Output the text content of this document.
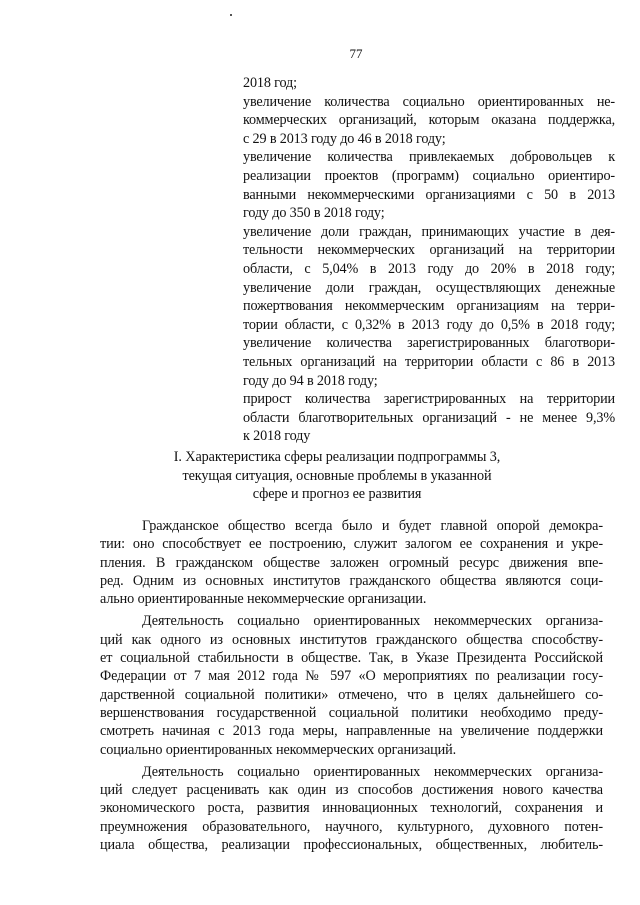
77
2018 год;
увеличение количества социально ориентированных не-
коммерческих организаций, которым оказана поддержка,
с 29 в 2013 году до 46 в 2018 году;
увеличение количества привлекаемых добровольцев к
реализации проектов (программ) социально ориентиро-
ванными некоммерческими организациями с 50 в 2013
году до 350 в 2018 году;
увеличение доли граждан, принимающих участие в дея-
тельности некоммерческих организаций на территории
области, с 5,04% в 2013 году до 20% в 2018 году;
увеличение доли граждан, осуществляющих денежные
пожертвования некоммерческим организациям на терри-
тории области, с 0,32% в 2013 году до 0,5% в 2018 году;
увеличение количества зарегистрированных благотвори-
тельных организаций на территории области с 86 в 2013
году до 94 в 2018 году;
прирост количества зарегистрированных на территории
области благотворительных организаций - не менее 9,3%
к 2018 году
I. Характеристика сферы реализации подпрограммы 3,
текущая ситуация, основные проблемы в указанной
сфере и прогноз ее развития
Гражданское общество всегда было и будет главной опорой демокра-
тии: оно способствует ее построению, служит залогом ее сохранения и укре-
пления. В гражданском обществе заложен огромный ресурс движения впе-
ред. Одним из основных институтов гражданского общества являются соци-
ально ориентированные некоммерческие организации.
Деятельность социально ориентированных некоммерческих организа-
ций как одного из основных институтов гражданского общества способству-
ет социальной стабильности в обществе. Так, в Указе Президента Российской
Федерации от 7 мая 2012 года № 597 «О мероприятиях по реализации госу-
дарственной социальной политики» отмечено, что в целях дальнейшего со-
вершенствования государственной социальной политики необходимо преду-
смотреть начиная с 2013 года меры, направленные на увеличение поддержки
социально ориентированных некоммерческих организаций.
Деятельность социально ориентированных некоммерческих организа-
ций следует расценивать как один из способов достижения нового качества
экономического роста, развития инновационных технологий, сохранения и
преумножения образовательного, научного, культурного, духовного потен-
циала общества, реализации профессиональных, общественных, любитель-
